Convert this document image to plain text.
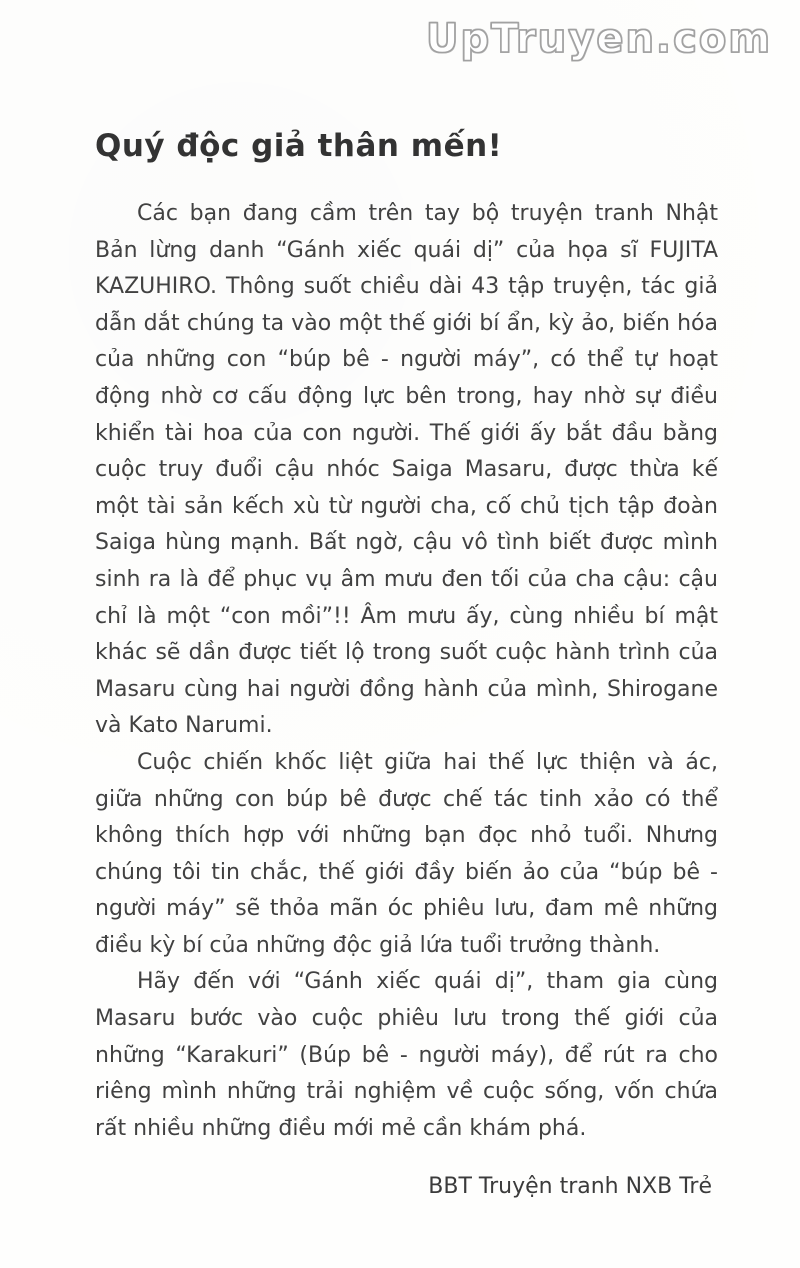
UpTruyen.com
Quý độc giả thân mến!

Các bạn đang cầm trên tay bộ truyện tranh Nhật Bản lừng danh “Gánh xiếc quái dị” của họa sĩ FUJITA KAZUHIRO. Thông suốt chiều dài 43 tập truyện, tác giả dẫn dắt chúng ta vào một thế giới bí ẩn, kỳ ảo, biến hóa của những con “búp bê - người máy”, có thể tự hoạt động nhờ cơ cấu động lực bên trong, hay nhờ sự điều khiển tài hoa của con người. Thế giới ấy bắt đầu bằng cuộc truy đuổi cậu nhóc Saiga Masaru, được thừa kế một tài sản kếch xù từ người cha, cố chủ tịch tập đoàn Saiga hùng mạnh. Bất ngờ, cậu vô tình biết được mình sinh ra là để phục vụ âm mưu đen tối của cha cậu: cậu chỉ là một “con mồi”!! Âm mưu ấy, cùng nhiều bí mật khác sẽ dần được tiết lộ trong suốt cuộc hành trình của Masaru cùng hai người đồng hành của mình, Shirogane và Kato Narumi.

Cuộc chiến khốc liệt giữa hai thế lực thiện và ác, giữa những con búp bê được chế tác tinh xảo có thể không thích hợp với những bạn đọc nhỏ tuổi. Nhưng chúng tôi tin chắc, thế giới đầy biến ảo của “búp bê - người máy” sẽ thỏa mãn óc phiêu lưu, đam mê những điều kỳ bí của những độc giả lứa tuổi trưởng thành.

Hãy đến với “Gánh xiếc quái dị”, tham gia cùng Masaru bước vào cuộc phiêu lưu trong thế giới của những “Karakuri” (Búp bê - người máy), để rút ra cho riêng mình những trải nghiệm về cuộc sống, vốn chứa rất nhiều những điều mới mẻ cần khám phá.

BBT Truyện tranh NXB Trẻ
